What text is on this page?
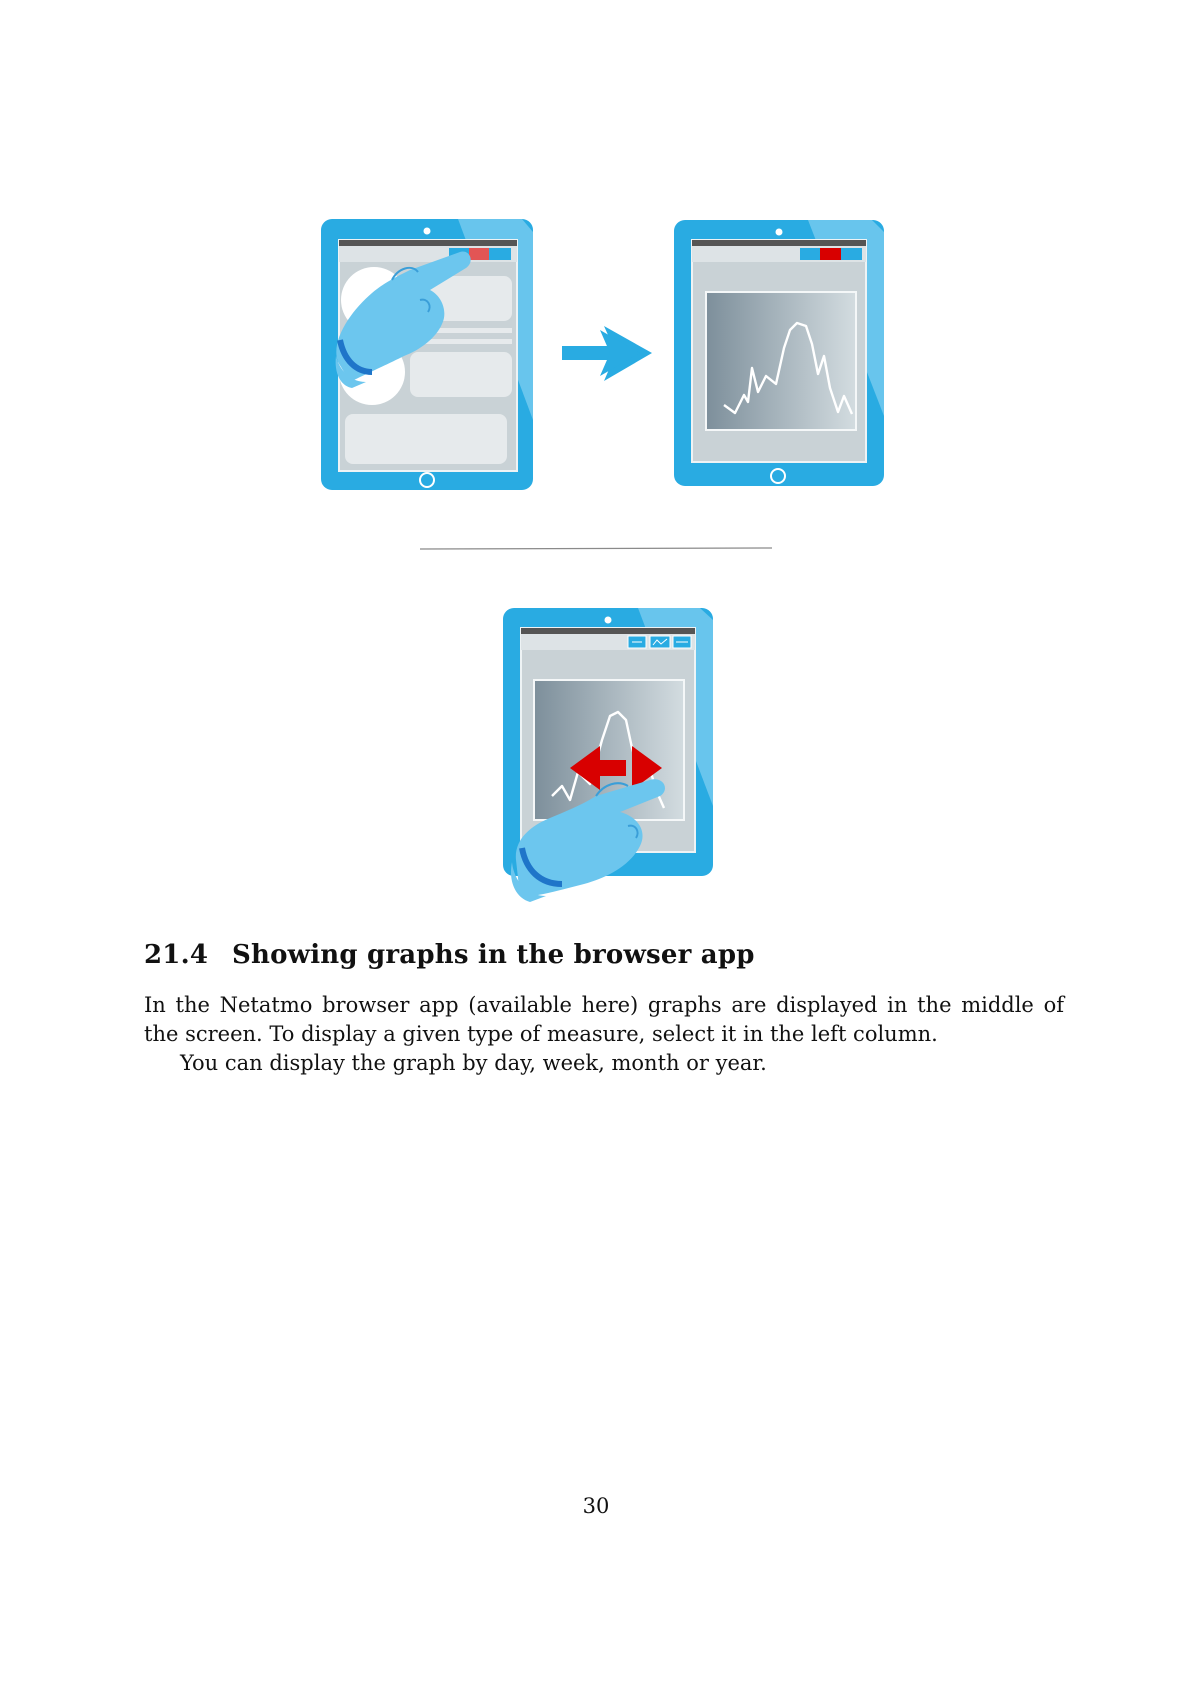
21.4 Showing graphs in the browser app

In the Netatmo browser app (available here) graphs are displayed in the middle of the screen. To display a given type of measure, select it in the left column.

You can display the graph by day, week, month or year.

30
